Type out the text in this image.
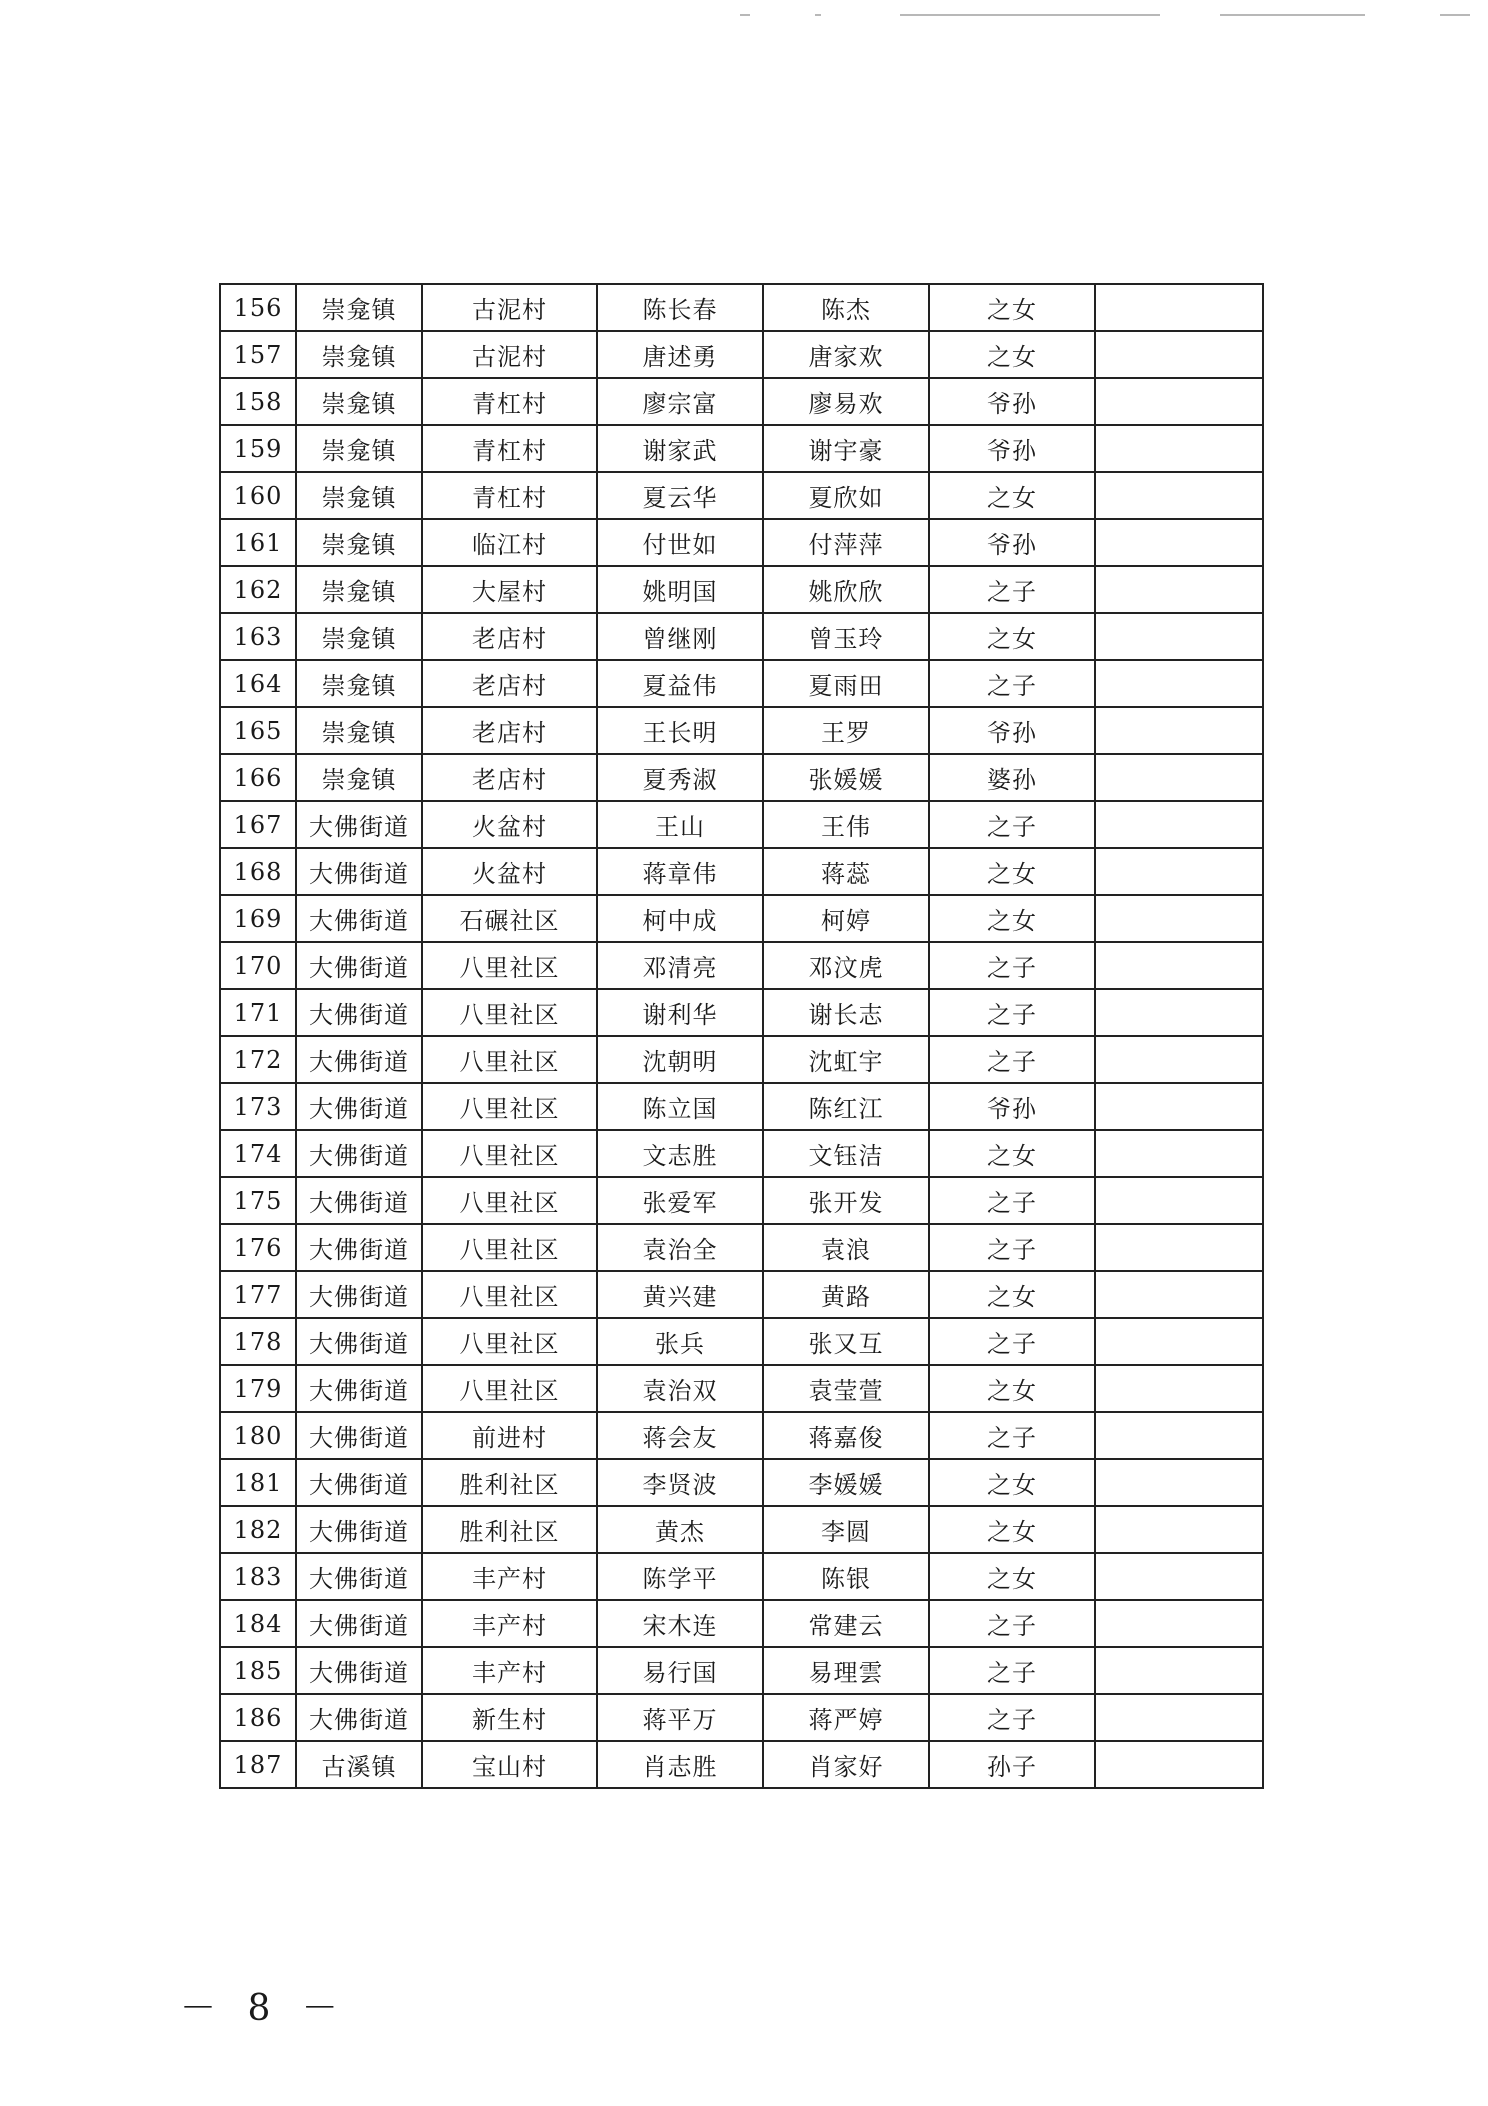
156	崇龛镇	古泥村	陈长春	陈杰	之女	
157	崇龛镇	古泥村	唐述勇	唐家欢	之女	
158	崇龛镇	青杠村	廖宗富	廖易欢	爷孙	
159	崇龛镇	青杠村	谢家武	谢宇豪	爷孙	
160	崇龛镇	青杠村	夏云华	夏欣如	之女	
161	崇龛镇	临江村	付世如	付萍萍	爷孙	
162	崇龛镇	大屋村	姚明国	姚欣欣	之子	
163	崇龛镇	老店村	曾继刚	曾玉玲	之女	
164	崇龛镇	老店村	夏益伟	夏雨田	之子	
165	崇龛镇	老店村	王长明	王罗	爷孙	
166	崇龛镇	老店村	夏秀淑	张媛媛	婆孙	
167	大佛街道	火盆村	王山	王伟	之子	
168	大佛街道	火盆村	蒋章伟	蒋蕊	之女	
169	大佛街道	石碾社区	柯中成	柯婷	之女	
170	大佛街道	八里社区	邓清亮	邓汶虎	之子	
171	大佛街道	八里社区	谢利华	谢长志	之子	
172	大佛街道	八里社区	沈朝明	沈虹宇	之子	
173	大佛街道	八里社区	陈立国	陈红江	爷孙	
174	大佛街道	八里社区	文志胜	文钰洁	之女	
175	大佛街道	八里社区	张爱军	张开发	之子	
176	大佛街道	八里社区	袁治全	袁浪	之子	
177	大佛街道	八里社区	黄兴建	黄路	之女	
178	大佛街道	八里社区	张兵	张又互	之子	
179	大佛街道	八里社区	袁治双	袁莹萱	之女	
180	大佛街道	前进村	蒋会友	蒋嘉俊	之子	
181	大佛街道	胜利社区	李贤波	李媛媛	之女	
182	大佛街道	胜利社区	黄杰	李圆	之女	
183	大佛街道	丰产村	陈学平	陈银	之女	
184	大佛街道	丰产村	宋木连	常建云	之子	
185	大佛街道	丰产村	易行国	易理雲	之子	
186	大佛街道	新生村	蒋平万	蒋严婷	之子	
187	古溪镇	宝山村	肖志胜	肖家好	孙子	
－ 8 －
